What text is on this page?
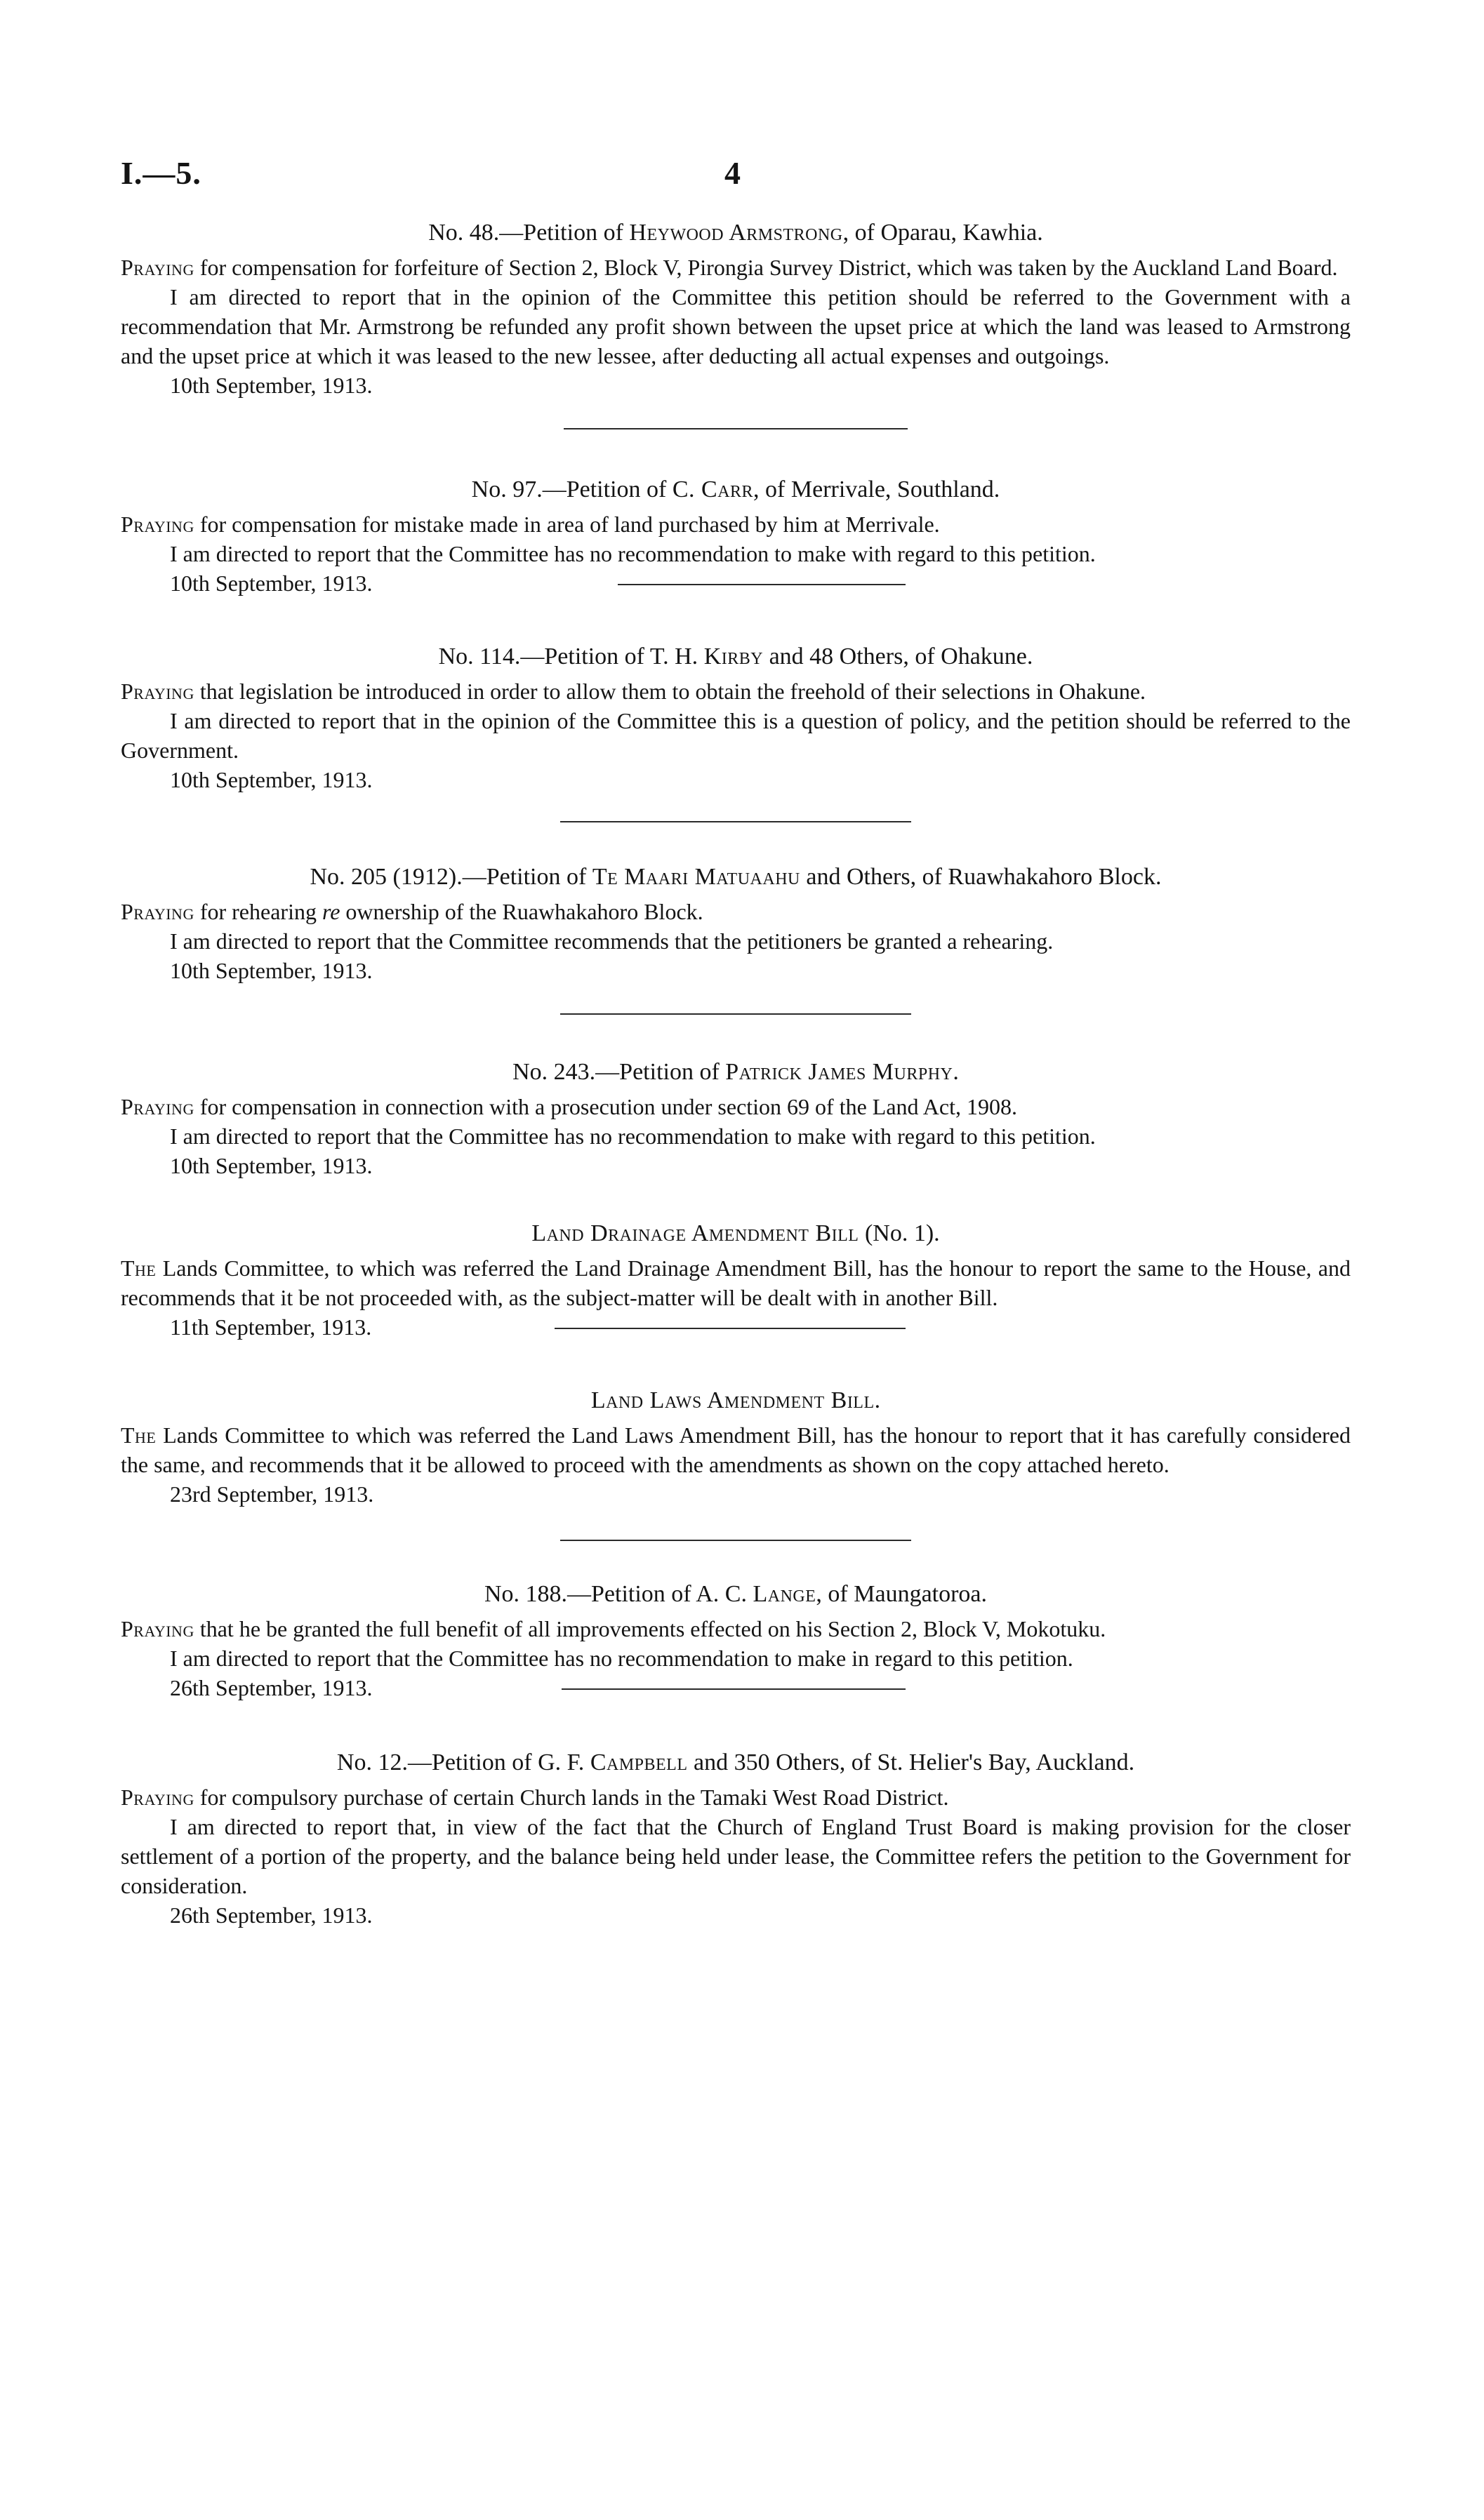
I.—5.	4

No. 48.—Petition of Heywood Armstrong, of Oparau, Kawhia.

Praying for compensation for forfeiture of Section 2, Block V, Pirongia Survey District, which was taken by the Auckland Land Board.

I am directed to report that in the opinion of the Committee this petition should be referred to the Government with a recommendation that Mr. Armstrong be refunded any profit shown between the upset price at which the land was leased to Armstrong and the upset price at which it was leased to the new lessee, after deducting all actual expenses and outgoings.

10th September, 1913.

No. 97.—Petition of C. Carr, of Merrivale, Southland.

Praying for compensation for mistake made in area of land purchased by him at Merrivale.

I am directed to report that the Committee has no recommendation to make with regard to this petition.

10th September, 1913.

No. 114.—Petition of T. H. Kirby and 48 Others, of Ohakune.

Praying that legislation be introduced in order to allow them to obtain the freehold of their selections in Ohakune.

I am directed to report that in the opinion of the Committee this is a question of policy, and the petition should be referred to the Government.

10th September, 1913.

No. 205 (1912).—Petition of Te Maari Matuaahu and Others, of Ruawhakahoro Block.

Praying for rehearing re ownership of the Ruawhakahoro Block.

I am directed to report that the Committee recommends that the petitioners be granted a rehearing.

10th September, 1913.

No. 243.—Petition of Patrick James Murphy.

Praying for compensation in connection with a prosecution under section 69 of the Land Act, 1908.

I am directed to report that the Committee has no recommendation to make with regard to this petition.

10th September, 1913.

Land Drainage Amendment Bill (No. 1).

The Lands Committee, to which was referred the Land Drainage Amendment Bill, has the honour to report the same to the House, and recommends that it be not proceeded with, as the subject-matter will be dealt with in another Bill.

11th September, 1913.

Land Laws Amendment Bill.

The Lands Committee to which was referred the Land Laws Amendment Bill, has the honour to report that it has carefully considered the same, and recommends that it be allowed to proceed with the amendments as shown on the copy attached hereto.

23rd September, 1913.

No. 188.—Petition of A. C. Lange, of Maungatoroa.

Praying that he be granted the full benefit of all improvements effected on his Section 2, Block V, Mokotuku.

I am directed to report that the Committee has no recommendation to make in regard to this petition.

26th September, 1913.

No. 12.—Petition of G. F. Campbell and 350 Others, of St. Helier's Bay, Auckland.

Praying for compulsory purchase of certain Church lands in the Tamaki West Road District.

I am directed to report that, in view of the fact that the Church of England Trust Board is making provision for the closer settlement of a portion of the property, and the balance being held under lease, the Committee refers the petition to the Government for consideration.

26th September, 1913.
